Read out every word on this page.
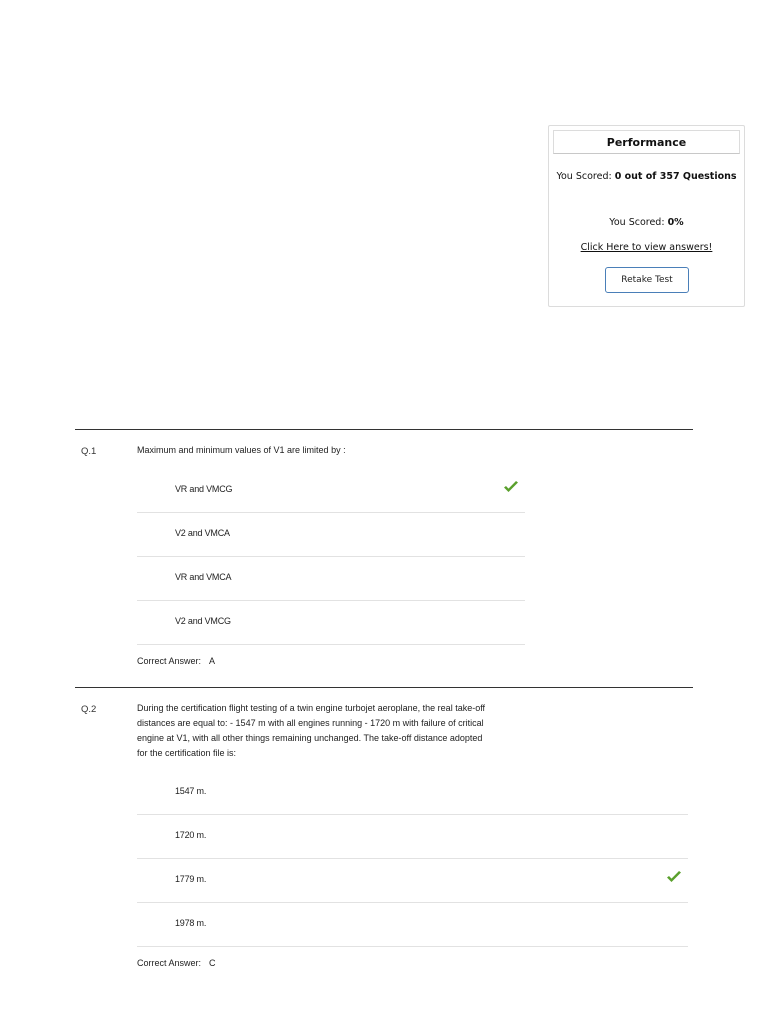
Performance
You Scored: 0 out of 357 Questions
You Scored: 0%
Click Here to view answers!
Retake Test
Q.1	Maximum and minimum values of V1 are limited by :
VR and VMCG
V2 and VMCA
VR and VMCA
V2 and VMCG
Correct Answer: A
Q.2	During the certification flight testing of a twin engine turbojet aeroplane, the real take-off
distances are equal to: - 1547 m with all engines running - 1720 m with failure of critical
engine at V1, with all other things remaining unchanged. The take-off distance adopted
for the certification file is:
1547 m.
1720 m.
1779 m.
1978 m.
Correct Answer: C
